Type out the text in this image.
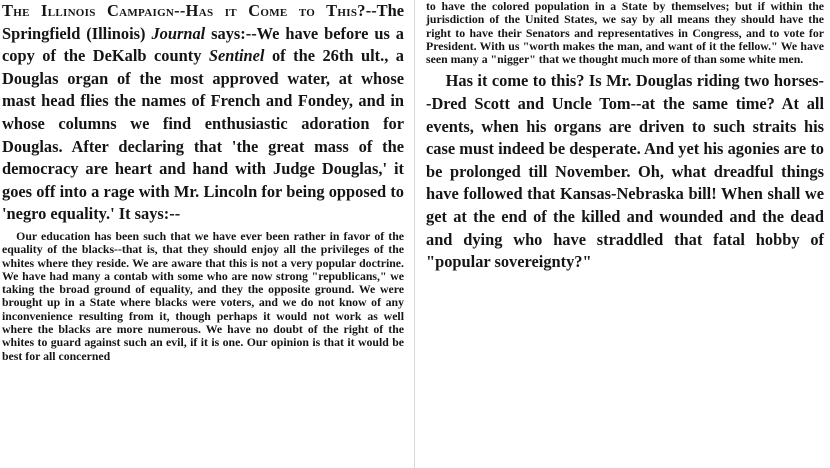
The Illinois Campaign--Has it Come to This?--The Springfield (Illinois) Journal says:--We have before us a copy of the DeKalb county Sentinel of the 26th ult., a Douglas organ of the most approved water, at whose mast head flies the names of French and Fondey, and in whose columns we find enthusiastic adoration for Douglas. After declaring that 'the great mass of the democracy are heart and hand with Judge Douglas,' it goes off into a rage with Mr. Lincoln for being opposed to 'negro equality.' It says:--

Our education has been such that we have ever been rather in favor of the equality of the blacks--that is, that they should enjoy all the privileges of the whites where they reside. We are aware that this is not a very popular doctrine. We have had many a contab with some who are now strong "republicans," we taking the broad ground of equality, and they the opposite ground. We were brought up in a State where blacks were voters, and we do not know of any inconvenience resulting from it, though perhaps it would not work as well where the blacks are more numerous. We have no doubt of the right of the whites to guard against such an evil, if it is one. Our opinion is that it would be best for all concerned

to have the colored population in a State by themselves; but if within the jurisdiction of the United States, we say by all means they should have the right to have their Senators and representatives in Congress, and to vote for President. With us "worth makes the man, and want of it the fellow." We have seen many a "nigger" that we thought much more of than some white men.

Has it come to this? Is Mr. Douglas riding two horses--Dred Scott and Uncle Tom--at the same time? At all events, when his organs are driven to such straits his case must indeed be desperate. And yet his agonies are to be prolonged till November. Oh, what dreadful things have followed that Kansas-Nebraska bill! When shall we get at the end of the killed and wounded and the dead and dying who have straddled that fatal hobby of "popular sovereignty?"
